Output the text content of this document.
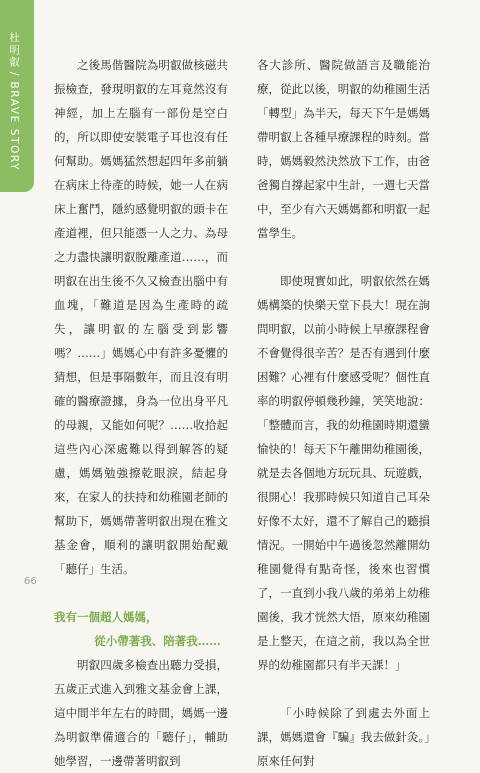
杜明叡/BRAVE STORY

之後馬偕醫院為明叡做核磁共振檢查，發現明叡的左耳竟然沒有神經，加上左腦有一部份是空白的，所以即使安裝電子耳也沒有任何幫助。媽媽猛然想起四年多前躺在病床上待產的時候，她一人在病床上奮鬥，隱約感覺明叡的頭卡在產道裡，但只能憑一人之力、為母之力盡快讓明叡脫離產道……，而明叡在出生後不久又檢查出腦中有血塊，「難道是因為生產時的疏失，讓明叡的左腦受到影響嗎？……」媽媽心中有許多憂懼的猜想，但是事隔數年，而且沒有明確的醫療證據，身為一位出身平凡的母親，又能如何呢？……收拾起這些內心深處難以得到解答的疑慮，媽媽勉強擦乾眼淚，結起身來，在家人的扶持和幼稚園老師的幫助下，媽媽帶著明叡出現在雅文基金會，順利的讓明叡開始配戴「聽仔」生活。

我有一個超人媽媽，
從小帶著我、陪著我……

明叡四歲多檢查出聽力受損，五歲正式進入到雅文基金會上課，這中間半年左右的時間，媽媽一邊為明叡準備適合的「聽仔」，輔助她學習，一邊帶著明叡到

各大診所、醫院做語言及職能治療，從此以後，明叡的幼稚園生活「轉型」為半天，每天下午是媽媽帶明叡上各種早療課程的時刻。當時，媽媽毅然決然放下工作，由爸爸獨自撐起家中生計，一週七天當中，至少有六天媽媽都和明叡一起當學生。

即使現實如此，明叡依然在媽媽構築的快樂天堂下長大！現在詢問明叡，以前小時候上早療課程會不會覺得很辛苦？是否有遇到什麼困難？心裡有什麼感受呢？個性直率的明叡停頓幾秒鐘，笑笑地說：「整體而言，我的幼稚園時期還蠻愉快的！每天下午離開幼稚園後，就是去各個地方玩玩具、玩遊戲，很開心！我那時候只知道自己耳朵好像不太好，還不了解自己的聽損情況。一開始中午過後忽然離開幼稚園覺得有點奇怪，後來也習慣了，一直到小我八歲的弟弟上幼稚園後，我才恍然大悟，原來幼稚園是上整天，在這之前，我以為全世界的幼稚園都只有半天課！」

「小時候除了到處去外面上課，媽媽還會『騙』我去做針灸。」原來任何對

66
